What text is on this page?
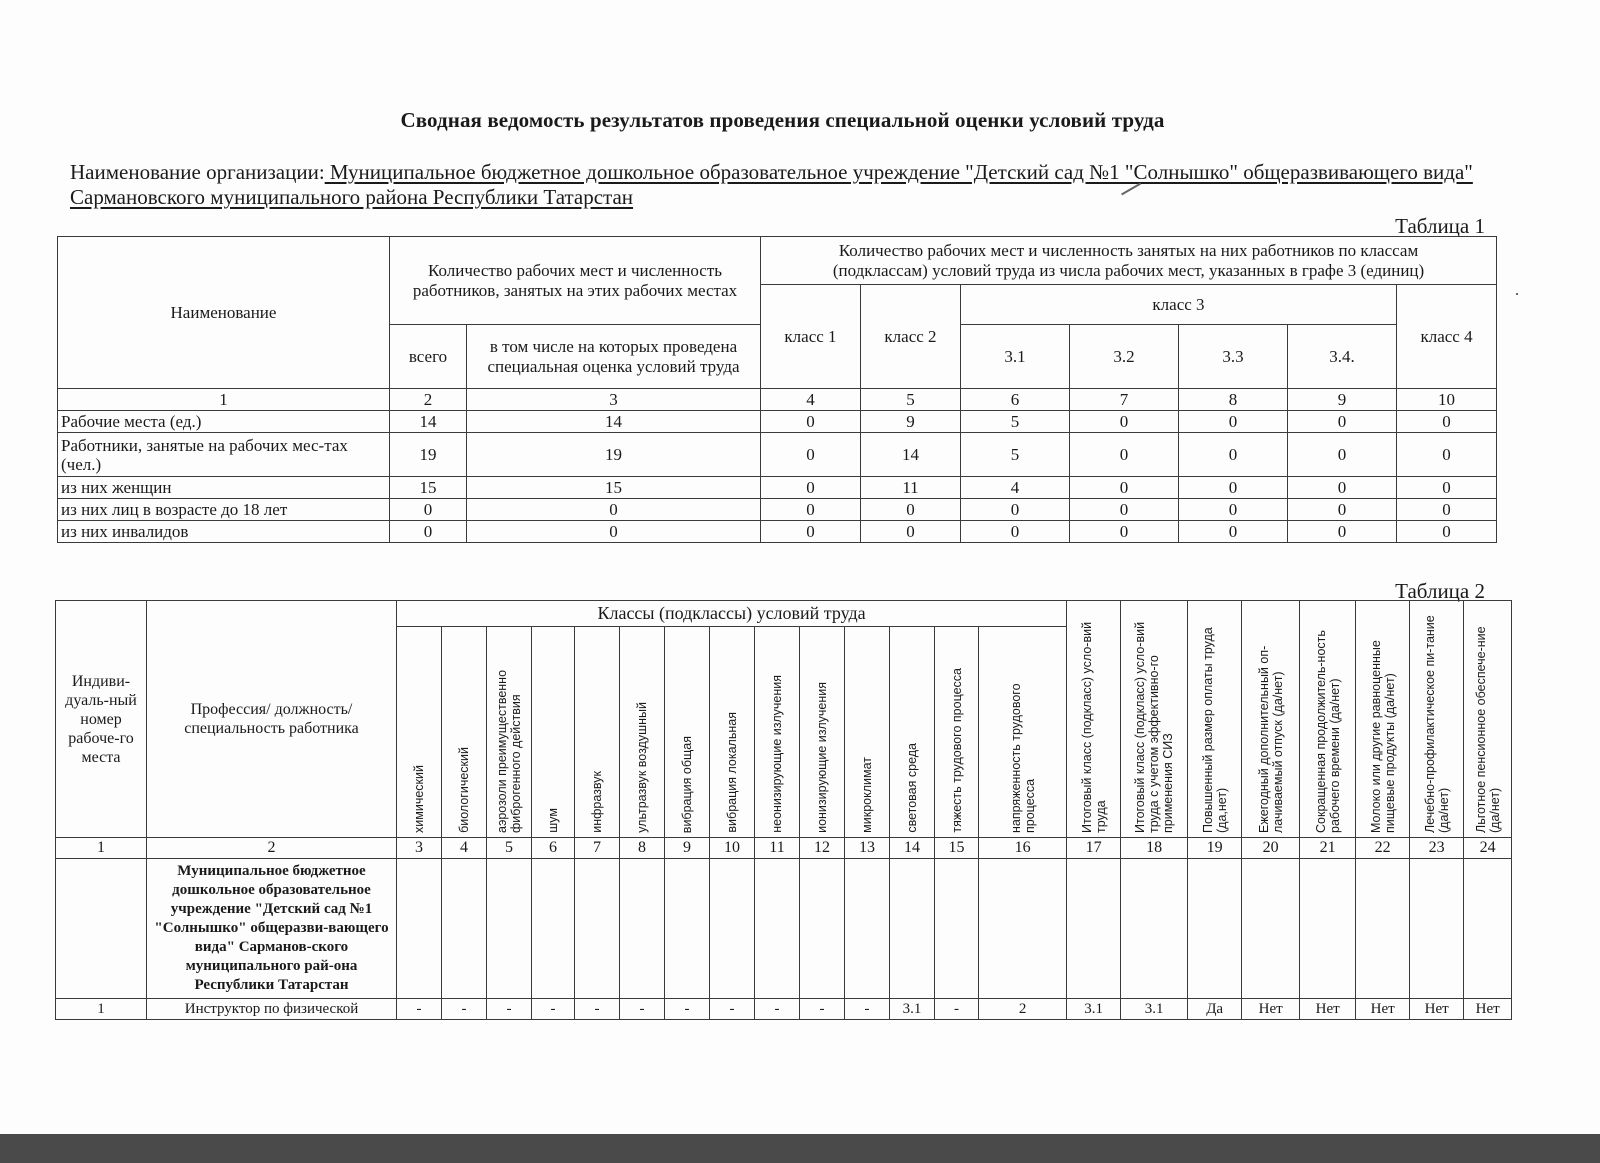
Сводная ведомость результатов проведения специальной оценки условий труда
Наименование организации: Муниципальное бюджетное дошкольное образовательное учреждение "Детский сад №1 "Солнышко" общеразвивающего вида" Сармановского муниципального района Республики Татарстан
Таблица 1
Наименование	Количество рабочих мест и численность работников, занятых на этих рабочих местах		Количество рабочих мест и численность занятых на них работников по классам (подклассам) условий труда из числа рабочих мест, указанных в графе 3 (единиц)						
			класс 1	класс 2	класс 3				класс 4
	всего	в том числе на которых проведена специальная оценка условий труда			3.1	3.2	3.3	3.4.	
1	2	3	4	5	6	7	8	9	10
Рабочие места (ед.)	14	14	0	9	5	0	0	0	0
Работники, занятые на рабочих мес-тах (чел.)	19	19	0	14	5	0	0	0	0
из них женщин	15	15	0	11	4	0	0	0	0
из них лиц в возрасте до 18 лет	0	0	0	0	0	0	0	0	0
из них инвалидов	0	0	0	0	0	0	0	0	0
Таблица 2
Индиви-дуаль-ный номер рабоче-го места	Профессия/ должность/ специальность работника	Классы (подклассы) условий труда														Итоговый класс (подкласс) усло-вий труда	Итоговый класс (подкласс) усло-вий труда с учетом эффективно-го применения СИЗ	Повышенный размер оплаты труда (да,нет)	Ежегодный дополнительный оп-лачиваемый отпуск (да/нет)	Сокращенная продолжитель-ность рабочего времени (да/нет)	Молоко или другие равноценные пищевые продукты (да/нет)	Лечебно-профилактическое пи-тание (да/нет)	Льготное пенсионное обеспече-ние (да/нет)

		химический	биологический	аэрозоли преимущественно фиброгенного действия	шум	инфразвук	ультразвук воздушный	вибрация общая	вибрация локальная	неонизирующие излучения	ионизирующие излучения	микроклимат	световая среда	тяжесть трудового процесса	напряженность трудового процесса								

1	2	3	4	5	6	7	8	9	10	11	12	13	14	15	16	17	18	19	20	21	22	23	24
	Муниципальное бюджетное дошкольное образовательное учреждение "Детский сад №1 "Солнышко" общеразви-вающего вида" Сарманов-ского муниципального рай-она Республики Татарстан																						
1	Инструктор по физической	-	-	-	-	-	-	-	-	-	-	-	3.1	-	2	3.1	3.1	Да	Нет	Нет	Нет	Нет	Нет
